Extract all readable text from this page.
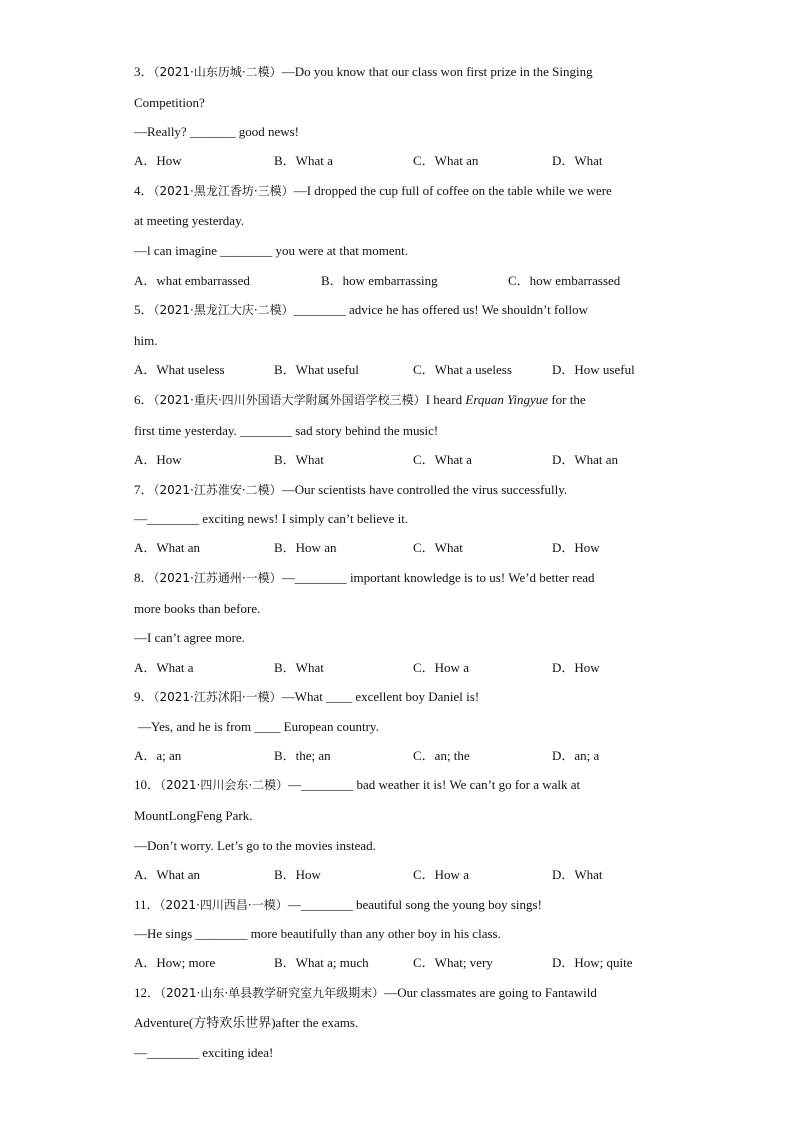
3．（2021·山东历城·二模）—Do you know that our class won first prize in the Singing
Competition?
—Really? _______ good news!
A．How	B．What a	C．What an	D．What
4．（2021·黑龙江香坊·三模）—I dropped the cup full of coffee on the table while we were
at meeting yesterday.
—l can imagine ________ you were at that moment.
A．what embarrassed	B．how embarrassing	C．how embarrassed
5．（2021·黑龙江大庆·二模）________ advice he has offered us! We shouldn’t follow
him.
A．What useless	B．What useful	C．What a useless	D．How useful
6．（2021·重庆·四川外国语大学附属外国语学校三模）I heard Erquan Yingyue for the
first time yesterday. ________ sad story behind the music!
A．How	B．What	C．What a	D．What an
7．（2021·江苏淮安·二模）—Our scientists have controlled the virus successfully.
—________ exciting news! I simply can’t believe it.
A．What an	B．How an	C．What	D．How
8．（2021·江苏通州·一模）—________ important knowledge is to us! We’d better read
more books than before.
—I can’t agree more.
A．What a	B．What	C．How a	D．How
9．（2021·江苏沭阳·一模）—What ____ excellent boy Daniel is!
—Yes, and he is from ____ European country.
A．a; an	B．the; an	C．an; the	D．an; a
10．（2021·四川会东·二模）—________ bad weather it is! We can’t go for a walk at
MountLongFeng Park.
—Don’t worry. Let’s go to the movies instead.
A．What an	B．How	C．How a	D．What
11．（2021·四川西昌·一模）—________ beautiful song the young boy sings!
—He sings ________ more beautifully than any other boy in his class.
A．How; more	B．What a; much	C．What; very	D．How; quite
12．（2021·山东·单县教学研究室九年级期末）—Our classmates are going to Fantawild
Adventure(方特欢乐世界)after the exams.
—________ exciting idea!
